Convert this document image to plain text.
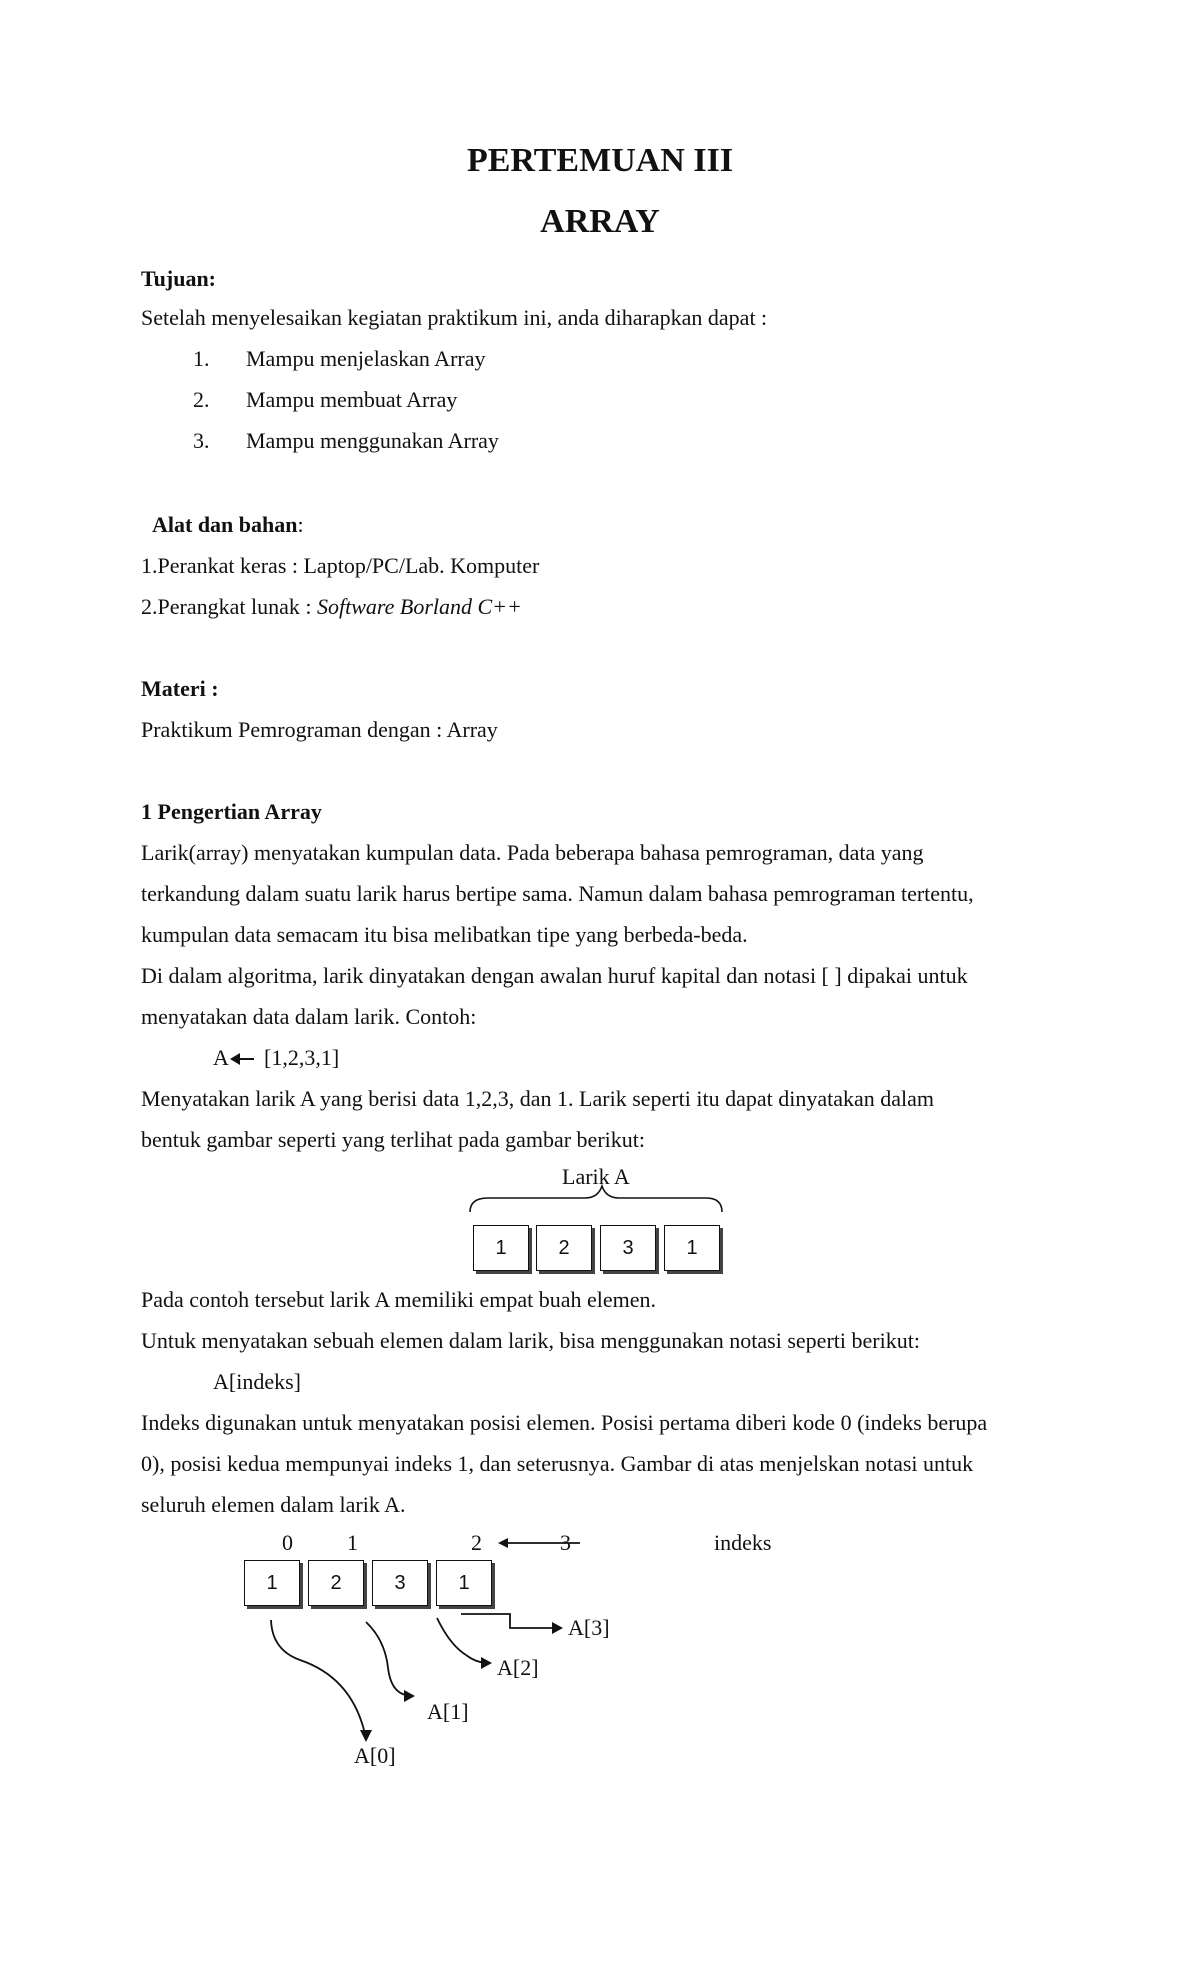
PERTEMUAN III
ARRAY
Tujuan:
Setelah menyelesaikan kegiatan praktikum ini, anda diharapkan dapat :
1. Mampu menjelaskan Array
2. Mampu membuat Array
3. Mampu menggunakan Array
Alat dan bahan:
1.Perankat keras : Laptop/PC/Lab. Komputer
2.Perangkat lunak : Software Borland C++
Materi :
Praktikum Pemrograman dengan : Array
1 Pengertian Array
Larik(array) menyatakan kumpulan data. Pada beberapa bahasa pemrograman, data yang
terkandung dalam suatu larik harus bertipe sama. Namun dalam bahasa pemrograman tertentu,
kumpulan data semacam itu bisa melibatkan tipe yang berbeda-beda.
Di dalam algoritma, larik dinyatakan dengan awalan huruf kapital dan notasi [ ] dipakai untuk
menyatakan data dalam larik. Contoh:
A [1,2,3,1]
Menyatakan larik A yang berisi data 1,2,3, dan 1. Larik seperti itu dapat dinyatakan dalam
bentuk gambar seperti yang terlihat pada gambar berikut:
Larik A
1	2	3	1
Pada contoh tersebut larik A memiliki empat buah elemen.
Untuk menyatakan sebuah elemen dalam larik, bisa menggunakan notasi seperti berikut:
A[indeks]
Indeks digunakan untuk menyatakan posisi elemen. Posisi pertama diberi kode 0 (indeks berupa
0), posisi kedua mempunyai indeks 1, dan seterusnya. Gambar di atas menjelskan notasi untuk
seluruh elemen dalam larik A.
0 1	2	3	indeks
1	2	3	1
A[0]
A[1]
A[2]
A[3]
